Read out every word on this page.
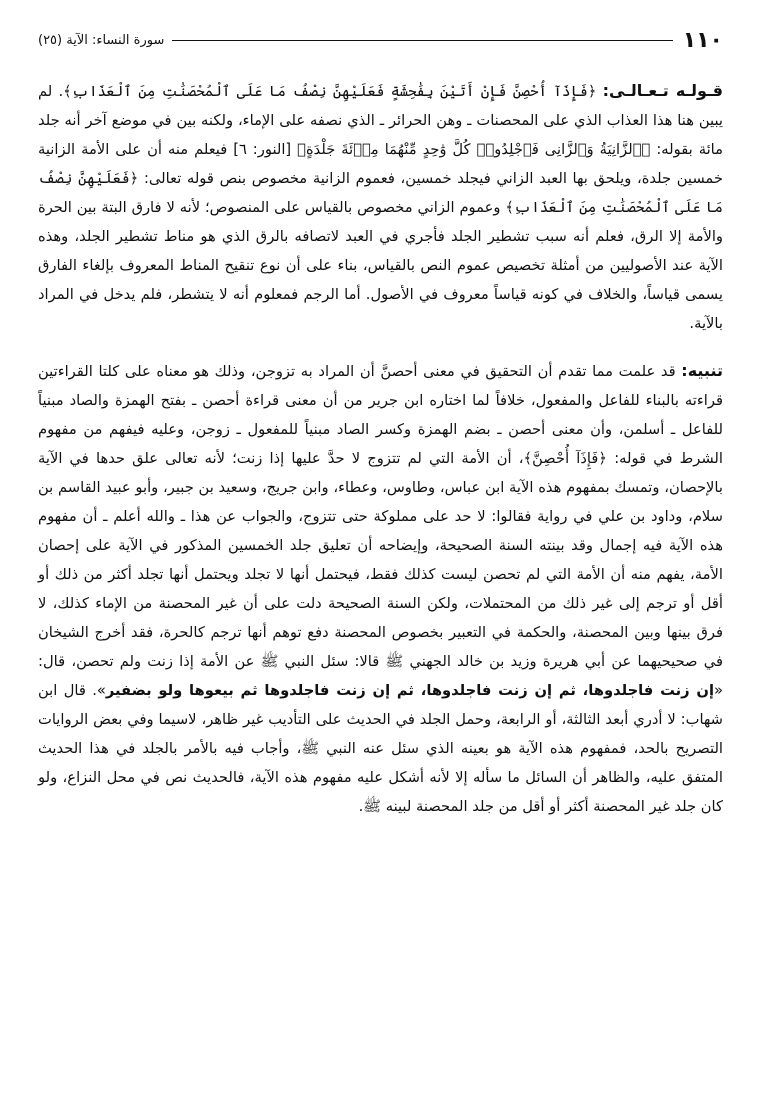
١١٠
سورة النساء: الآية (٢٥)

قـولـه تـعـالـى: ﴿فَإِذَآ أُحْصِنَّ فَإِنْ أَتَيْنَ بِفَٰحِشَةٍ فَعَلَيْهِنَّ نِصْفُ مَا عَلَى ٱلْمُحْصَنَٰتِ مِنَ ٱلْعَذَابِ﴾. لم يبين هنا هذا العذاب الذي على المحصنات ـ وهن الحرائر ـ الذي نصفه على الإماء، ولكنه بين في موضع آخر أنه جلد مائة بقوله: ﴿ٱلزَّانِيَةُ وَٱلزَّانِى فَٱجْلِدُوا۟ كُلَّ وَٰحِدٍ مِّنْهُمَا مِا۟ئَةَ جَلْدَةٍ﴾ [النور: ٦] فيعلم منه أن على الأمة الزانية خمسين جلدة، ويلحق بها العبد الزاني فيجلد خمسين، فعموم الزانية مخصوص بنص قوله تعالى: ﴿فَعَلَيْهِنَّ نِصْفُ مَا عَلَى ٱلْمُحْصَنَٰتِ مِنَ ٱلْعَذَابِ﴾ وعموم الزاني مخصوص بالقياس على المنصوص؛ لأنه لا فارق البتة بين الحرة والأمة إلا الرق، فعلم أنه سبب تشطير الجلد فأجري في العبد لاتصافه بالرق الذي هو مناط تشطير الجلد، وهذه الآية عند الأصوليين من أمثلة تخصيص عموم النص بالقياس، بناء على أن نوع تنقيح المناط المعروف بإلغاء الفارق يسمى قياساً، والخلاف في كونه قياساً معروف في الأصول. أما الرجم فمعلوم أنه لا يتشطر، فلم يدخل في المراد بالآية.

تنبيه: قد علمت مما تقدم أن التحقيق في معنى أحصنَّ أن المراد به تزوجن، وذلك هو معناه على كلتا القراءتين قراءته بالبناء للفاعل والمفعول، خلافاً لما اختاره ابن جرير من أن معنى قراءة أحصن ـ بفتح الهمزة والصاد مبنياً للفاعل ـ أسلمن، وأن معنى أحصن ـ بضم الهمزة وكسر الصاد مبنياً للمفعول ـ زوجن، وعليه فيفهم من مفهوم الشرط في قوله: ﴿فَإِذَآ أُحْصِنَّ﴾، أن الأمة التي لم تتزوج لا حدَّ عليها إذا زنت؛ لأنه تعالى علق حدها في الآية بالإحصان، وتمسك بمفهوم هذه الآية ابن عباس، وطاوس، وعطاء، وابن جريج، وسعيد بن جبير، وأبو عبيد القاسم بن سلام، وداود بن علي في رواية فقالوا: لا حد على مملوكة حتى تتزوج، والجواب عن هذا ـ والله أعلم ـ أن مفهوم هذه الآية فيه إجمال وقد بينته السنة الصحيحة، وإيضاحه أن تعليق جلد الخمسين المذكور في الآية على إحصان الأمة، يفهم منه أن الأمة التي لم تحصن ليست كذلك فقط، فيحتمل أنها لا تجلد ويحتمل أنها تجلد أكثر من ذلك أو أقل أو ترجم إلى غير ذلك من المحتملات، ولكن السنة الصحيحة دلت على أن غير المحصنة من الإماء كذلك، لا فرق بينها وبين المحصنة، والحكمة في التعبير بخصوص المحصنة دفع توهم أنها ترجم كالحرة، فقد أخرج الشيخان في صحيحيهما عن أبي هريرة وزيد بن خالد الجهني ﷺ قالا: سئل النبي ﷺ عن الأمة إذا زنت ولم تحصن، قال: «إن زنت فاجلدوها، ثم إن زنت فاجلدوها، ثم إن زنت فاجلدوها ثم بيعوها ولو بضفير». قال ابن شهاب: لا أدري أبعد الثالثة، أو الرابعة، وحمل الجلد في الحديث على التأديب غير ظاهر، لاسيما وفي بعض الروايات التصريح بالحد، فمفهوم هذه الآية هو بعينه الذي سئل عنه النبي ﷺ، وأجاب فيه بالأمر بالجلد في هذا الحديث المتفق عليه، والظاهر أن السائل ما سأله إلا لأنه أشكل عليه مفهوم هذه الآية، فالحديث نص في محل النزاع، ولو كان جلد غير المحصنة أكثر أو أقل من جلد المحصنة لبينه ﷺ.
